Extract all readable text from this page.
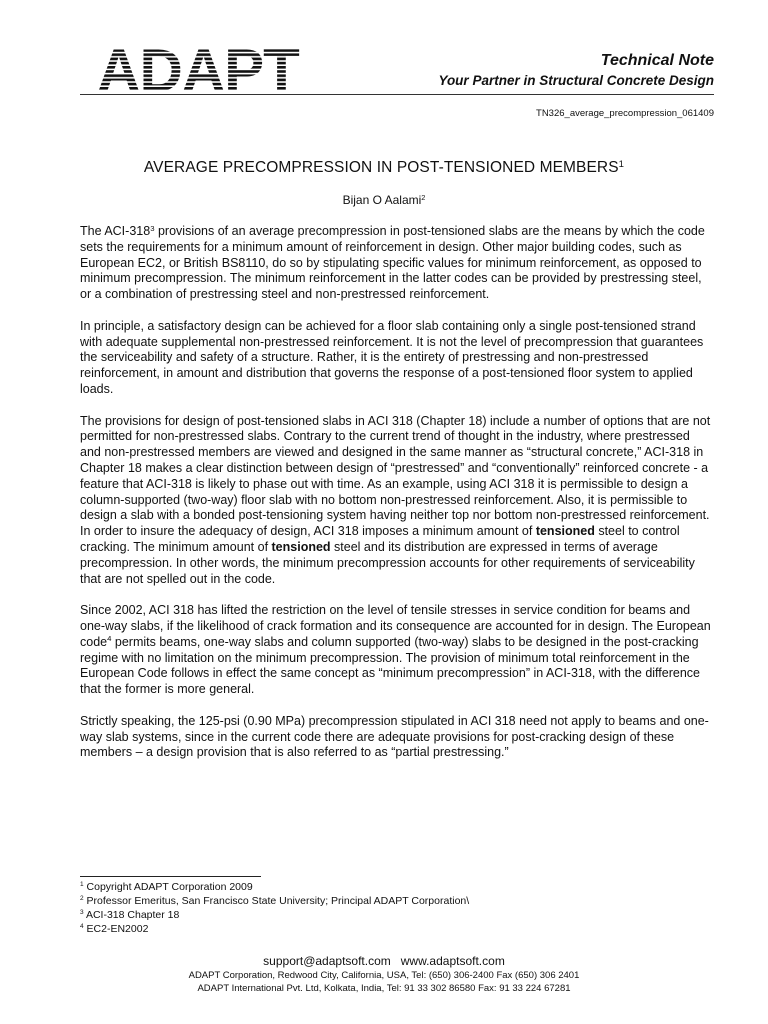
ADAPT	Technical Note
Your Partner in Structural Concrete Design
TN326_average_precompression_061409
AVERAGE PRECOMPRESSION IN POST-TENSIONED MEMBERS$^1$
Bijan O Aalami$^2$

The ACI-$318^3$ provisions of an average precompression in post-tensioned slabs are the means by which the code sets the requirements for a minimum amount of reinforcement in design. Other major building codes, such as European EC2, or British BS8110, do so by stipulating specific values for minimum reinforcement, as opposed to minimum precompression. The minimum reinforcement in the latter codes can be provided by prestressing steel, or a combination of prestressing steel and non-prestressed reinforcement.

In principle, a satisfactory design can be achieved for a floor slab containing only a single post-tensioned strand with adequate supplemental non-prestressed reinforcement. It is not the level of precompression that guarantees the serviceability and safety of a structure. Rather, it is the entirety of prestressing and non-prestressed reinforcement, in amount and distribution that governs the response of a post-tensioned floor system to applied loads.

The provisions for design of post-tensioned slabs in ACI 318 (Chapter 18) include a number of options that are not permitted for non-prestressed slabs. Contrary to the current trend of thought in the industry, where prestressed and non-prestressed members are viewed and designed in the same manner as “structural concrete,” ACI-318 in Chapter 18 makes a clear distinction between design of “prestressed” and “conventionally” reinforced concrete - a feature that ACI-318 is likely to phase out with time. As an example, using ACI 318 it is permissible to design a column-supported (two-way) floor slab with no bottom non-prestressed reinforcement. Also, it is permissible to design a slab with a bonded post-tensioning system having neither top nor bottom non-prestressed reinforcement. In order to insure the adequacy of design, ACI 318 imposes a minimum amount of tensioned steel to control cracking. The minimum amount of tensioned steel and its distribution are expressed in terms of average precompression. In other words, the minimum precompression accounts for other requirements of serviceability that are not spelled out in the code.

Since 2002, ACI 318 has lifted the restriction on the level of tensile stresses in service condition for beams and one-way slabs, if the likelihood of crack formation and its consequence are accounted for in design. The European code$^4$ permits beams, one-way slabs and column supported (two-way) slabs to be designed in the post-cracking regime with no limitation on the minimum precompression. The provision of minimum total reinforcement in the European Code follows in effect the same concept as “minimum precompression” in ACI-318, with the difference that the former is more general.

Strictly speaking, the 125-psi (0.90 MPa) precompression stipulated in ACI 318 need not apply to beams and one-way slab systems, since in the current code there are adequate provisions for post-cracking design of these members – a design provision that is also referred to as “partial prestressing.”

$^1$ Copyright ADAPT Corporation 2009
$^2$ Professor Emeritus, San Francisco State University; Principal ADAPT Corporation\
$^3$ ACI-318 Chapter 18
$^4$ EC2-EN2002
support@adaptsoft.com www.adaptsoft.com
ADAPT Corporation, Redwood City, California, USA, Tel: (650) 306-2400 Fax (650) 306 2401
ADAPT International Pvt. Ltd, Kolkata, India, Tel: 91 33 302 86580 Fax: 91 33 224 67281
